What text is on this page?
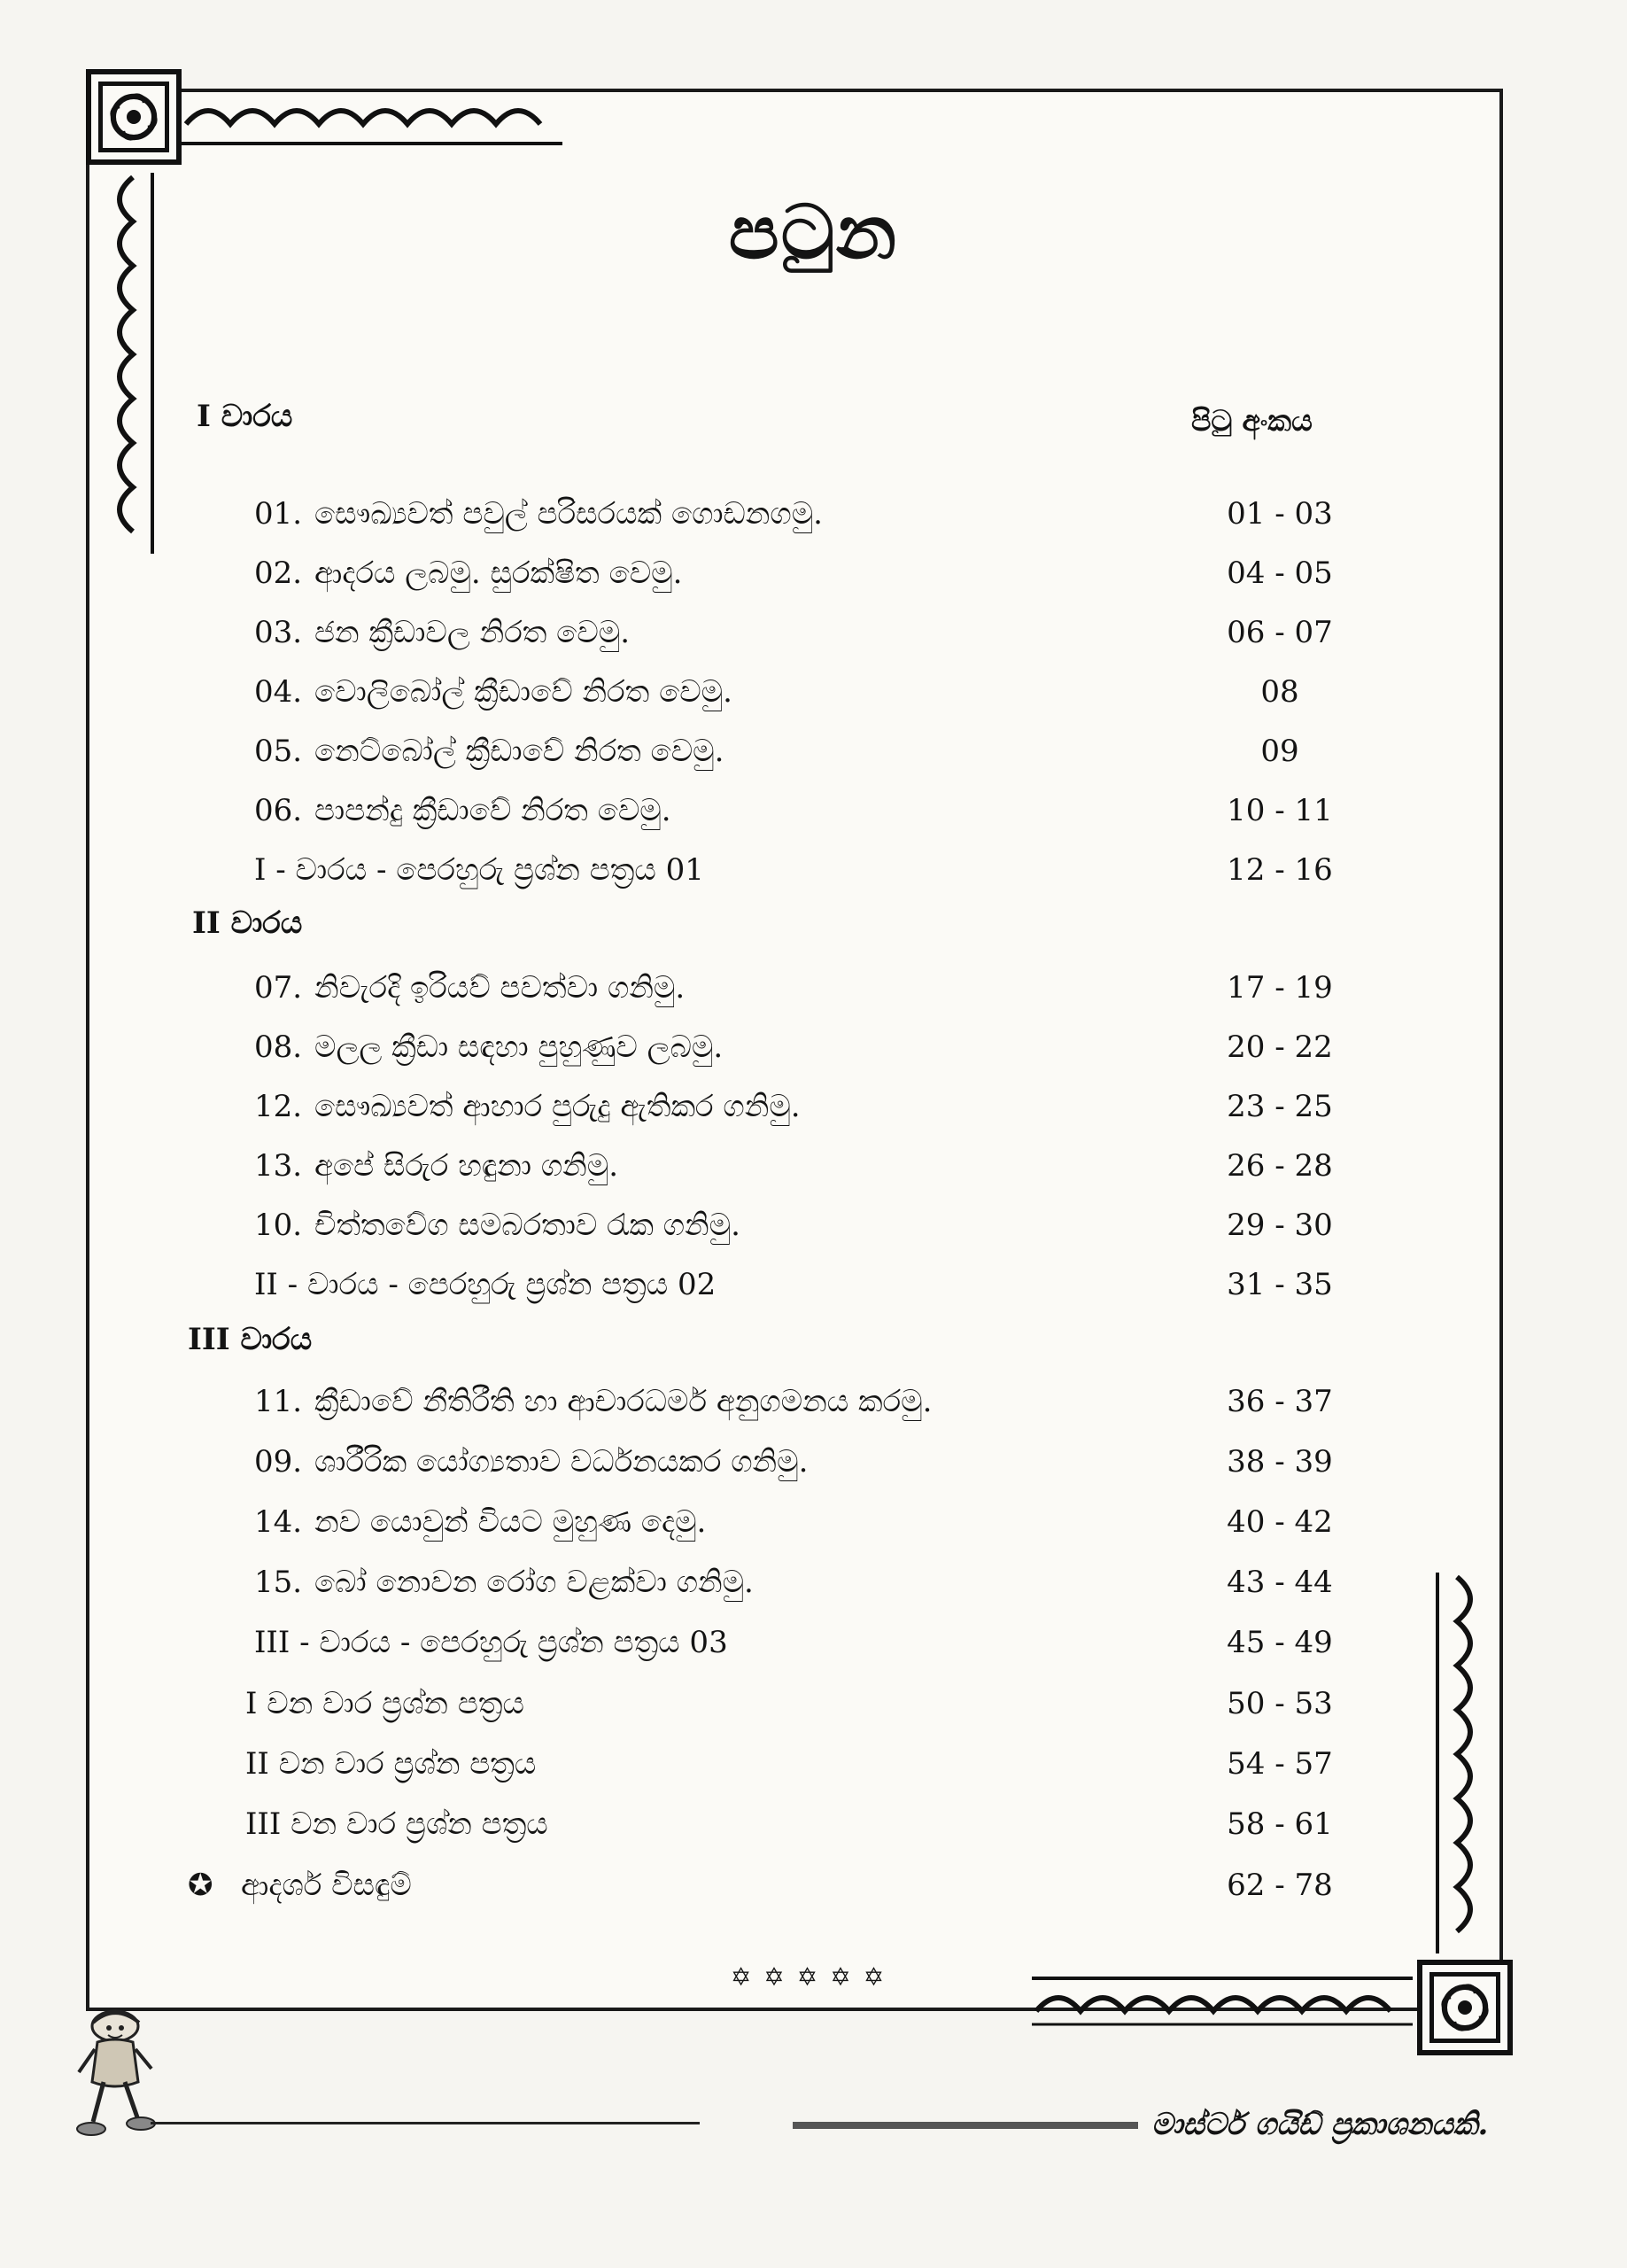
පටුන
පිටු අංකය
I වාරය
01. සෞඛ්‍යවත් පවුල් පරිසරයක් ගොඩනගමු.	01 - 03
02. ආදරය ලබමු. සුරක්ෂිත වෙමු.	04 - 05
03. ජන ක්‍රීඩාවල නිරත වෙමු.	06 - 07
04. වොලිබෝල් ක්‍රීඩාවේ නිරත වෙමු.	08
05. නෙට්බෝල් ක්‍රීඩාවේ නිරත වෙමු.	09
06. පාපන්දු ක්‍රීඩාවේ නිරත වෙමු.	10 - 11
I - වාරය - පෙරහුරු ප්‍රශ්න පත්‍රය 01	12 - 16
II වාරය
07. නිවැරදි ඉරියව් පවත්වා ගනිමු.	17 - 19
08. මලල ක්‍රීඩා සඳහා පුහුණුව ලබමු.	20 - 22
12. සෞඛ්‍යවත් ආහාර පුරුදු ඇතිකර ගනිමු.	23 - 25
13. අපේ සිරුර හඳුනා ගනිමු.	26 - 28
10. චිත්තවේග සමබරතාව රැක ගනිමු.	29 - 30
II - වාරය - පෙරහුරු ප්‍රශ්න පත්‍රය 02	31 - 35
III වාරය
11. ක්‍රීඩාවේ නීතිරීති හා ආචාරධර්ම අනුගමනය කරමු.	36 - 37
09. ශාරීරික යෝග්‍යතාව වර්ධනයකර ගනිමු.	38 - 39
14. නව යොවුන් වියට මුහුණ දෙමු.	40 - 42
15. බෝ නොවන රෝග වළක්වා ගනිමු.	43 - 44
III - වාරය - පෙරහුරු ප්‍රශ්න පත්‍රය 03	45 - 49
I වන වාර ප්‍රශ්න පත්‍රය	50 - 53
II වන වාර ප්‍රශ්න පත්‍රය	54 - 57
III වන වාර ප්‍රශ්න පත්‍රය	58 - 61
✪ ආදර්ශ විසඳුම්	62 - 78
✡✡✡✡✡
මාස්ටර් ගයිඩ් ප්‍රකාශනයකි.
